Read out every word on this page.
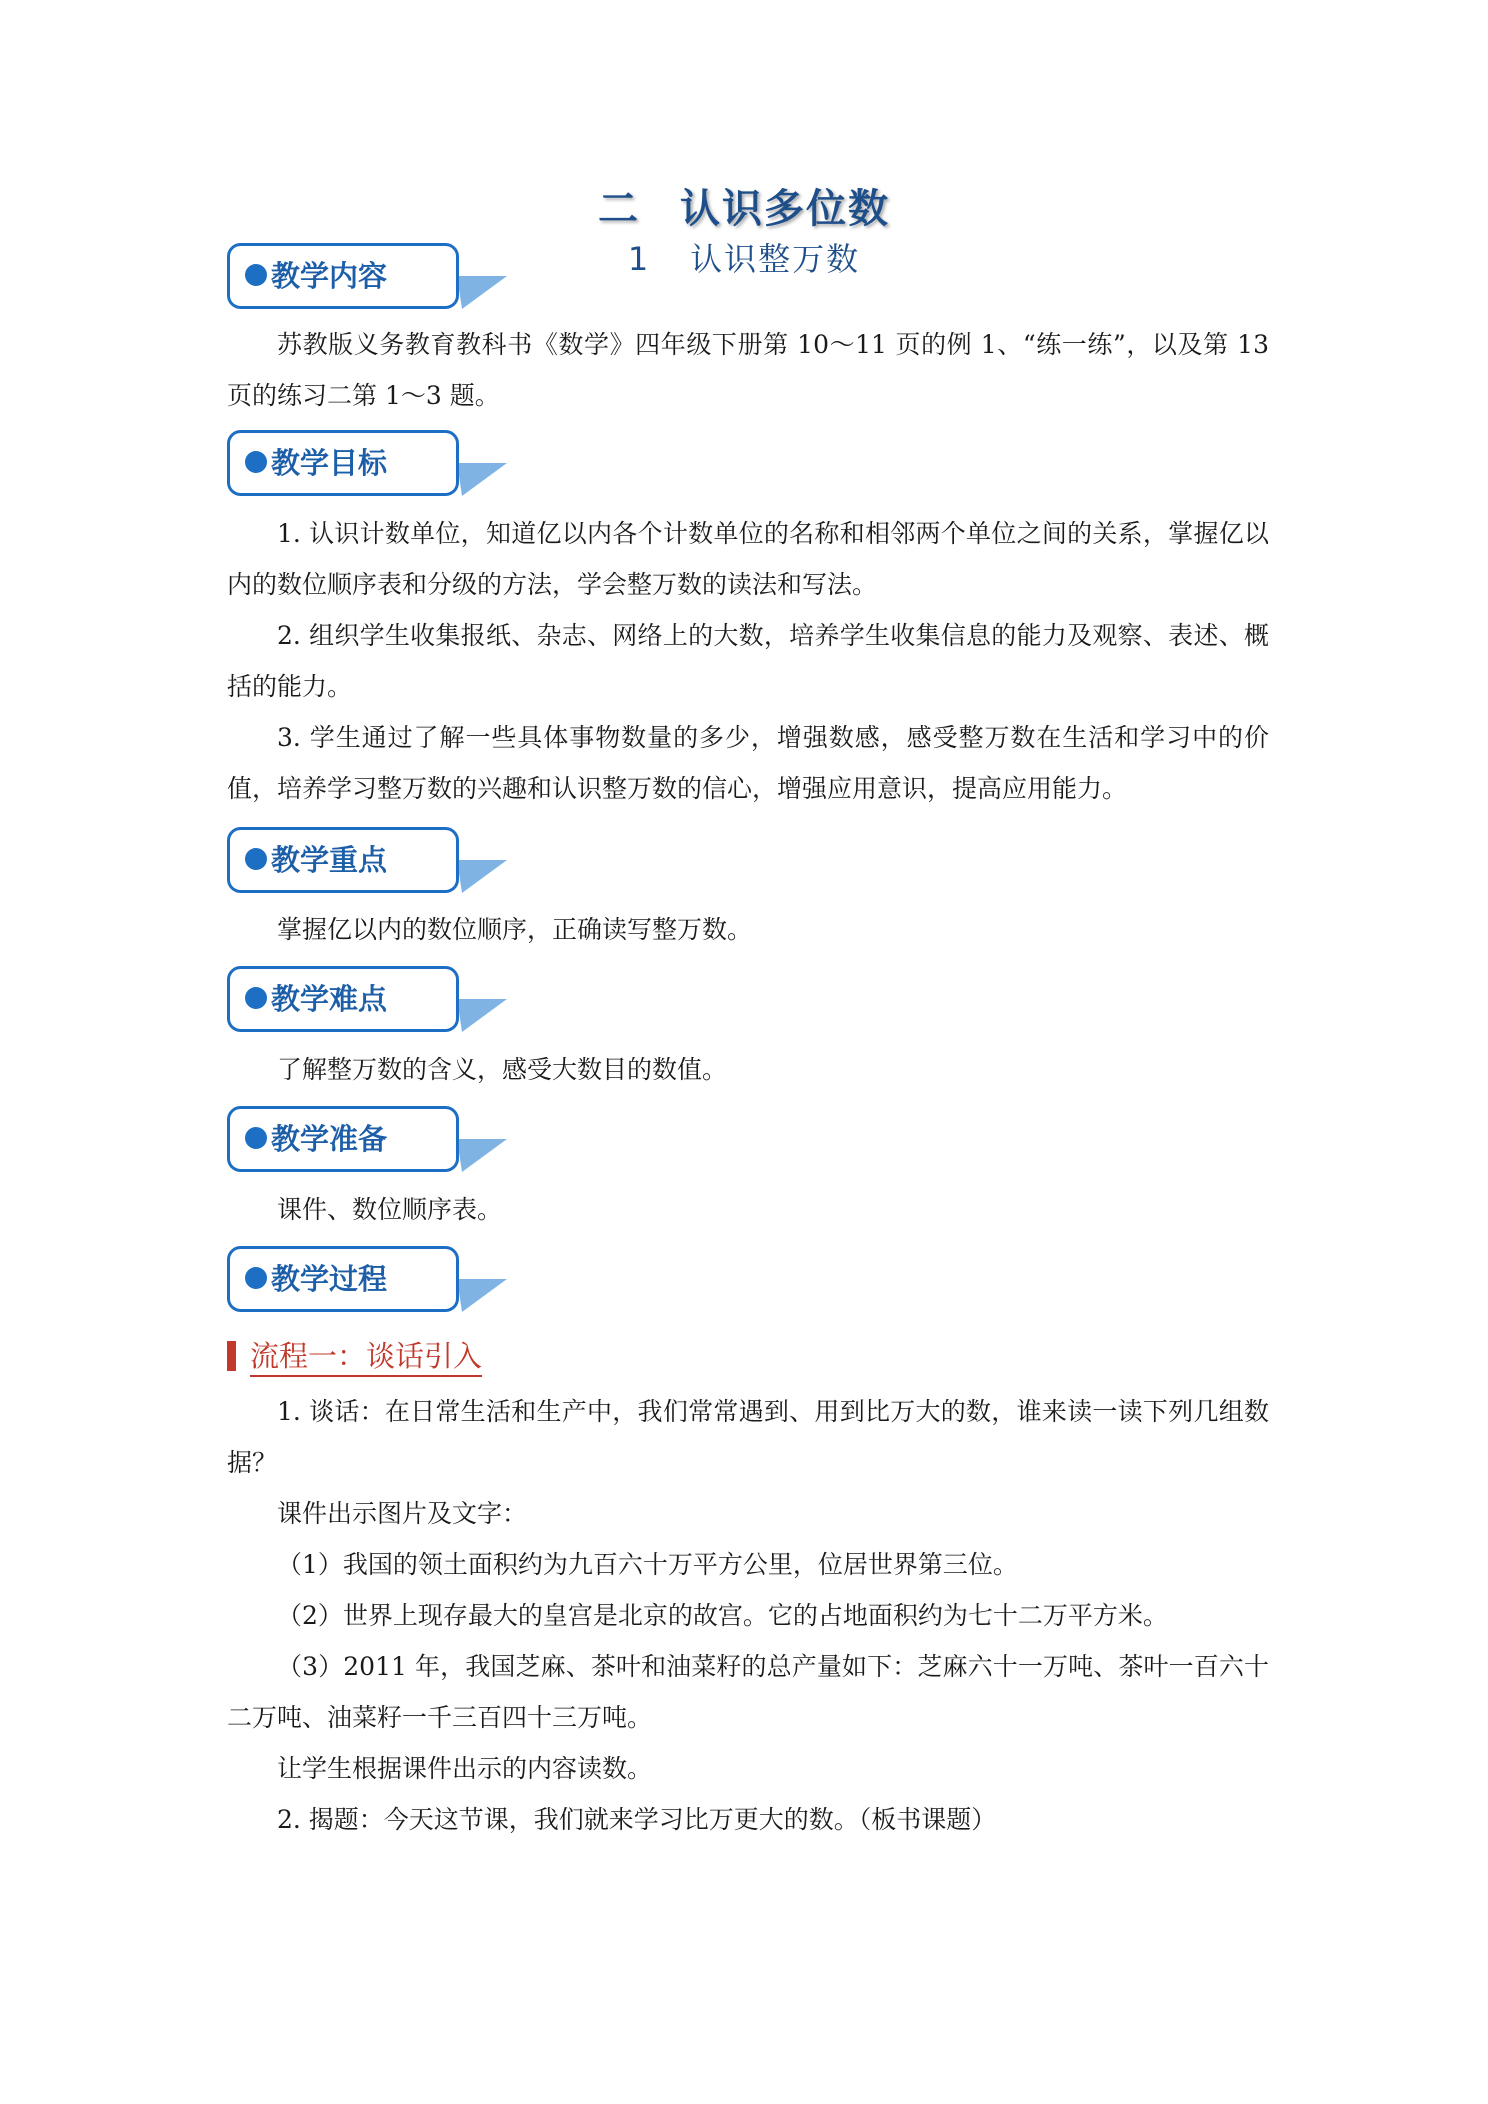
二 认识多位数
1 认识整万数
教学内容

苏教版义务教育教科书《数学》四年级下册第 10～11 页的例 1、“练一练”，以及第 13 页的练习二第 1～3 题。

教学目标

1. 认识计数单位，知道亿以内各个计数单位的名称和相邻两个单位之间的关系，掌握亿以内的数位顺序表和分级的方法，学会整万数的读法和写法。

2. 组织学生收集报纸、杂志、网络上的大数，培养学生收集信息的能力及观察、表述、概括的能力。

3. 学生通过了解一些具体事物数量的多少，增强数感，感受整万数在生活和学习中的价值，培养学习整万数的兴趣和认识整万数的信心，增强应用意识，提高应用能力。

教学重点

掌握亿以内的数位顺序，正确读写整万数。

教学难点

了解整万数的含义，感受大数目的数值。

教学准备

课件、数位顺序表。

教学过程
流程一：谈话引入

1. 谈话：在日常生活和生产中，我们常常遇到、用到比万大的数，谁来读一读下列几组数据？

课件出示图片及文字：

（1）我国的领土面积约为九百六十万平方公里，位居世界第三位。

（2）世界上现存最大的皇宫是北京的故宫。它的占地面积约为七十二万平方米。

（3）2011 年，我国芝麻、茶叶和油菜籽的总产量如下：芝麻六十一万吨、茶叶一百六十二万吨、油菜籽一千三百四十三万吨。

让学生根据课件出示的内容读数。

2. 揭题：今天这节课，我们就来学习比万更大的数。（板书课题）
